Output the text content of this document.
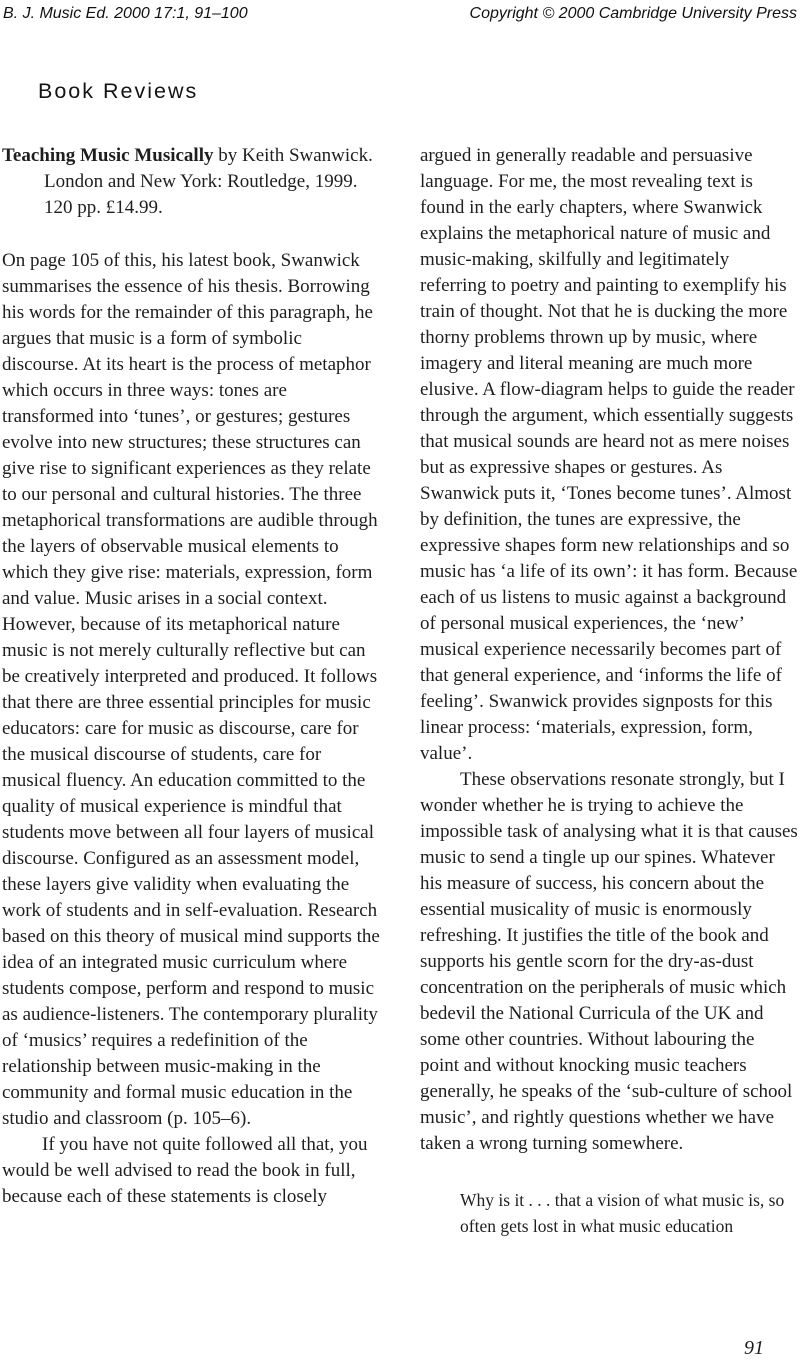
B. J. Music Ed. 2000 17:1, 91–100	Copyright © 2000 Cambridge University Press
Book Reviews

Teaching Music Musically by Keith Swanwick.
London and New York: Routledge, 1999.
120 pp. £14.99.

On page 105 of this, his latest book, Swanwick summarises the essence of his thesis. Borrowing his words for the remainder of this paragraph, he argues that music is a form of symbolic discourse. At its heart is the process of metaphor which occurs in three ways: tones are transformed into ‘tunes’, or gestures; gestures evolve into new structures; these structures can give rise to significant experiences as they relate to our personal and cultural histories. The three metaphorical transformations are audible through the layers of observable musical elements to which they give rise: materials, expression, form and value. Music arises in a social context. However, because of its metaphorical nature music is not merely culturally reflective but can be creatively interpreted and produced. It follows that there are three essential principles for music educators: care for music as discourse, care for the musical discourse of students, care for musical fluency. An education committed to the quality of musical experience is mindful that students move between all four layers of musical discourse. Configured as an assessment model, these layers give validity when evaluating the work of students and in self-evaluation. Research based on this theory of musical mind supports the idea of an integrated music curriculum where students compose, perform and respond to music as audience-listeners. The contemporary plurality of ‘musics’ requires a redefinition of the relationship between music-making in the community and formal music education in the studio and classroom (p. 105–6).

If you have not quite followed all that, you would be well advised to read the book in full, because each of these statements is closely

argued in generally readable and persuasive language. For me, the most revealing text is found in the early chapters, where Swanwick explains the metaphorical nature of music and music-making, skilfully and legitimately referring to poetry and painting to exemplify his train of thought. Not that he is ducking the more thorny problems thrown up by music, where imagery and literal meaning are much more elusive. A flow-diagram helps to guide the reader through the argument, which essentially suggests that musical sounds are heard not as mere noises but as expressive shapes or gestures. As Swanwick puts it, ‘Tones become tunes’. Almost by definition, the tunes are expressive, the expressive shapes form new relationships and so music has ‘a life of its own’: it has form. Because each of us listens to music against a background of personal musical experiences, the ‘new’ musical experience necessarily becomes part of that general experience, and ‘informs the life of feeling’. Swanwick provides signposts for this linear process: ‘materials, expression, form, value’.

These observations resonate strongly, but I wonder whether he is trying to achieve the impossible task of analysing what it is that causes music to send a tingle up our spines. Whatever his measure of success, his concern about the essential musicality of music is enormously refreshing. It justifies the title of the book and supports his gentle scorn for the dry-as-dust concentration on the peripherals of music which bedevil the National Curricula of the UK and some other countries. Without labouring the point and without knocking music teachers generally, he speaks of the ‘sub-culture of school music’, and rightly questions whether we have taken a wrong turning somewhere.

Why is it . . . that a vision of what music is, so often gets lost in what music education

91
